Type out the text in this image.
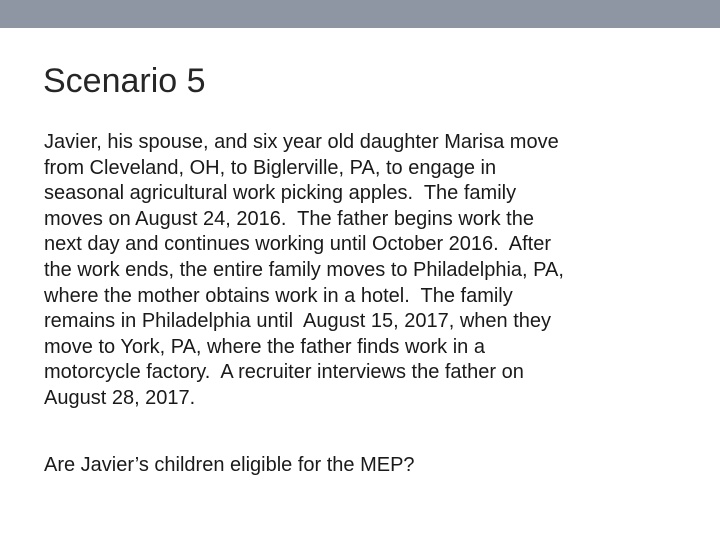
Scenario 5
Javier, his spouse, and six year old daughter Marisa move
from Cleveland, OH, to Biglerville, PA, to engage in
seasonal agricultural work picking apples.  The family
moves on August 24, 2016.  The father begins work the
next day and continues working until October 2016.  After
the work ends, the entire family moves to Philadelphia, PA,
where the mother obtains work in a hotel.  The family
remains in Philadelphia until  August 15, 2017, when they
move to York, PA, where the father finds work in a
motorcycle factory.  A recruiter interviews the father on
August 28, 2017.

Are Javier’s children eligible for the MEP?
